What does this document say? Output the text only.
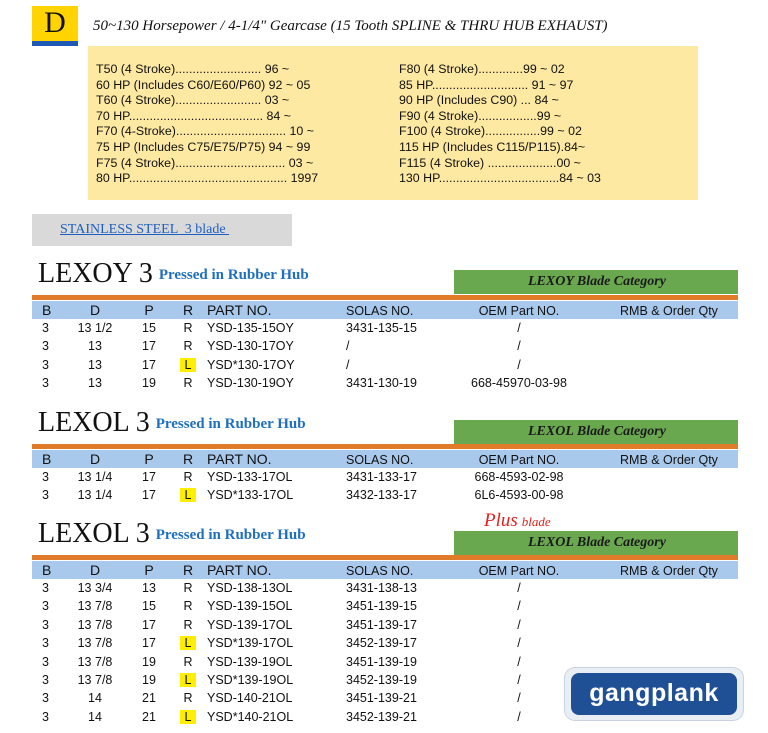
D	50~130 Horsepower / 4-1/4" Gearcase (15 Tooth SPLINE & THRU HUB EXHAUST)
T50 (4 Stroke)......................... 96 ~
60 HP (Includes C60/E60/P60) 92 ~ 05
T60 (4 Stroke)......................... 03 ~
70 HP....................................... 84 ~
F70 (4-Stroke)................................ 10 ~
75 HP (Includes C75/E75/P75) 94 ~ 99
F75 (4 Stroke)................................ 03 ~
80 HP.............................................. 1997
F80 (4 Stroke).............99 ~ 02
85 HP............................ 91 ~ 97
90 HP (Includes C90) ... 84 ~
F90 (4 Stroke).................99 ~
F100 (4 Stroke)................99 ~ 02
115 HP (Includes C115/P115).84~
F115 (4 Stroke) ....................00 ~
130 HP...................................84 ~ 03
STAINLESS STEEL  3 blade
LEXOY 3 Pressed in Rubber Hub	LEXOY Blade Category
B	D	P	R PART NO.	SOLAS NO.	OEM Part NO.	RMB & Order Qty
3	13 1/2	15	R	YSD-135-15OY	3431-135-15	/
3	13	17	R	YSD-130-17OY	/	/
3	13	17	L	YSD*130-17OY	/	/
3	13	19	R	YSD-130-19OY	3431-130-19	668-45970-03-98
LEXOL 3 Pressed in Rubber Hub	LEXOL Blade Category
B	D	P	R PART NO.	SOLAS NO.	OEM Part NO.	RMB & Order Qty
3	13 1/4	17	R	YSD-133-17OL	3431-133-17	668-4593-02-98
3	13 1/4	17	L	YSD*133-17OL	3432-133-17	6L6-4593-00-98
LEXOL 3 Pressed in Rubber Hub	LEXOL Blade Category
B	D	P	R PART NO.	SOLAS NO.	OEM Part NO.	RMB & Order Qty
3	13 3/4	13	R	YSD-138-13OL	3431-138-13	/
3	13 7/8	15	R	YSD-139-15OL	3451-139-15	/
3	13 7/8	17	R	YSD-139-17OL	3451-139-17	/
3	13 7/8	17	L	YSD*139-17OL	3452-139-17	/
3	13 7/8	19	R	YSD-139-19OL	3451-139-19	/
3	13 7/8	19	L	YSD*139-19OL	3452-139-19	/
3	14	21	R	YSD-140-21OL	3451-139-21	/
3	14	21	L	YSD*140-21OL	3452-139-21	/
Plus blade
gangplank
